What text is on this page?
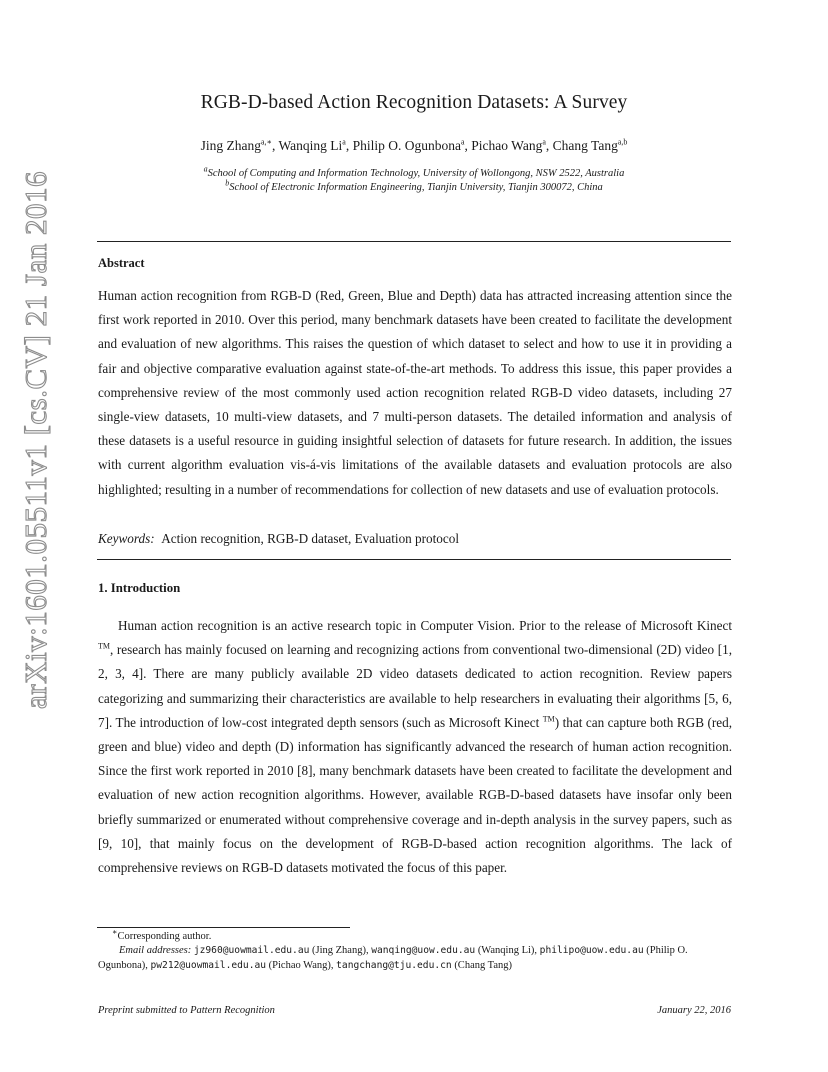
arXiv:1601.05511v1 [cs.CV] 21 Jan 2016
RGB-D-based Action Recognition Datasets: A Survey
Jing Zhang$^{a,∗}$, Wanqing Li$^a$, Philip O. Ogunbona$^a$, Pichao Wang$^a$, Chang Tang$^{a,b}$
$^a$School of Computing and Information Technology, University of Wollongong, NSW 2522, Australia
$^b$School of Electronic Information Engineering, Tianjin University, Tianjin 300072, China
Abstract
Human action recognition from RGB-D (Red, Green, Blue and Depth) data has attracted increasing attention since the first work reported in 2010. Over this period, many benchmark datasets have been created to facilitate the development and evaluation of new algorithms. This raises the question of which dataset to select and how to use it in providing a fair and objective comparative evaluation against state-of-the-art methods. To address this issue, this paper provides a comprehensive review of the most commonly used action recognition related RGB-D video datasets, including 27 single-view datasets, 10 multi-view datasets, and 7 multi-person datasets. The detailed information and analysis of these datasets is a useful resource in guiding insightful selection of datasets for future research. In addition, the issues with current algorithm evaluation vis-á-vis limitations of the available datasets and evaluation protocols are also highlighted; resulting in a number of recommendations for collection of new datasets and use of evaluation protocols.
Keywords: Action recognition, RGB-D dataset, Evaluation protocol
1. Introduction
Human action recognition is an active research topic in Computer Vision. Prior to the release of Microsoft Kinect ™, research has mainly focused on learning and recognizing actions from conventional two-dimensional (2D) video [1, 2, 3, 4]. There are many publicly available 2D video datasets dedicated to action recognition. Review papers categorizing and summarizing their characteristics are available to help researchers in evaluating their algorithms [5, 6, 7]. The introduction of low-cost integrated depth sensors (such as Microsoft Kinect ™) that can capture both RGB (red, green and blue) video and depth (D) information has significantly advanced the research of human action recognition. Since the first work reported in 2010 [8], many benchmark datasets have been created to facilitate the development and evaluation of new action recognition algorithms. However, available RGB-D-based datasets have insofar only been briefly summarized or enumerated without comprehensive coverage and in-depth analysis in the survey papers, such as [9, 10], that mainly focus on the development of RGB-D-based action recognition algorithms. The lack of comprehensive reviews on RGB-D datasets motivated the focus of this paper.
∗Corresponding author.
Email addresses: jz960@uowmail.edu.au (Jing Zhang), wanqing@uow.edu.au (Wanqing Li), philipo@uow.edu.au (Philip O. Ogunbona), pw212@uowmail.edu.au (Pichao Wang), tangchang@tju.edu.cn (Chang Tang)
Preprint submitted to Pattern Recognition	January 22, 2016
